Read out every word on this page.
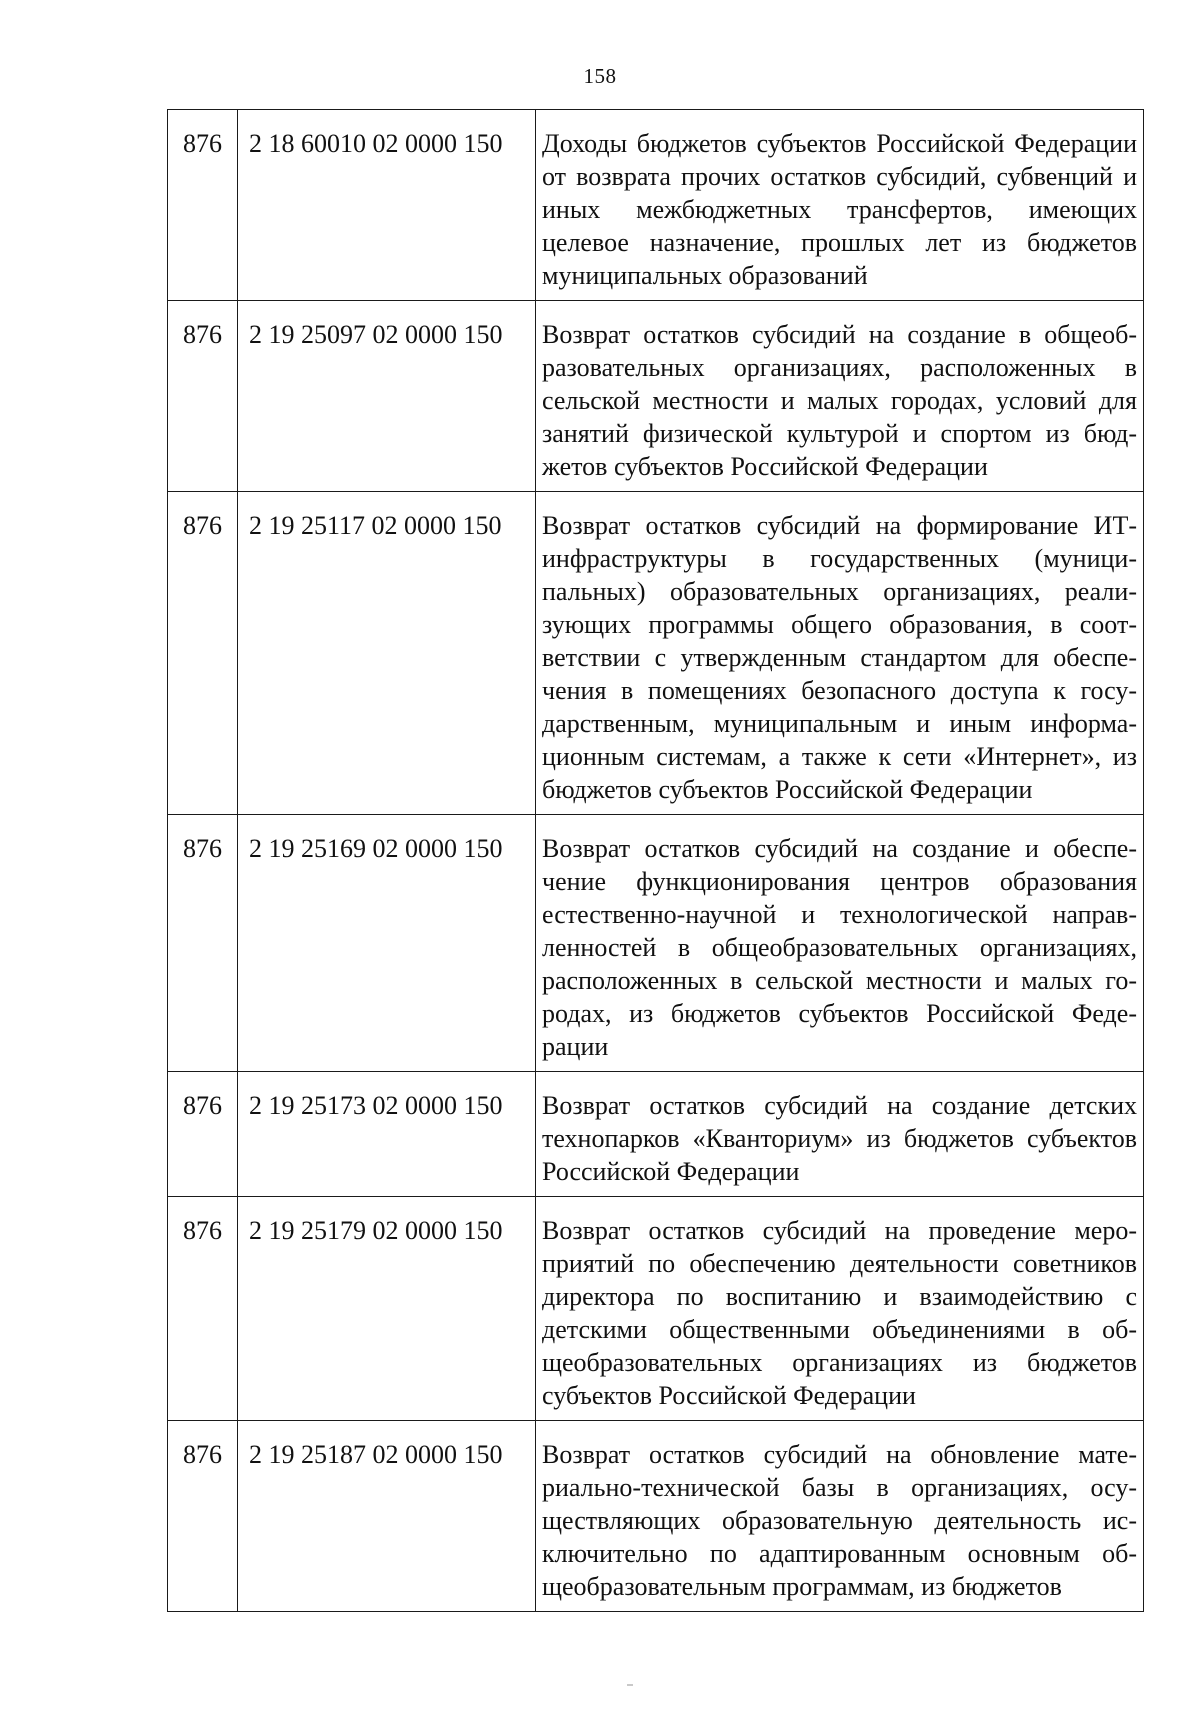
158
876	2 18 60010 02 0000 150	Доходы бюджетов субъектов Российской Федерации от возврата прочих остатков субсидий, субвенций и иных межбюджетных трансфертов, имеющих целевое назначение, прошлых лет из бюджетов муниципальных образований
876	2 19 25097 02 0000 150	Возврат остатков субсидий на создание в общеобразовательных организациях, расположенных в сельской местности и малых городах, условий для занятий физической культурой и спортом из бюджетов субъектов Российской Федерации
876	2 19 25117 02 0000 150	Возврат остатков субсидий на формирование ИТ-инфраструктуры в государственных (муниципальных) образовательных организациях, реализующих программы общего образования, в соответствии с утвержденным стандартом для обеспечения в помещениях безопасного доступа к государственным, муниципальным и иным информационным системам, а также к сети «Интернет», из бюджетов субъектов Российской Федерации
876	2 19 25169 02 0000 150	Возврат остатков субсидий на создание и обеспечение функционирования центров образования естественно-научной и технологической направленностей в общеобразовательных организациях, расположенных в сельской местности и малых городах, из бюджетов субъектов Российской Федерации
876	2 19 25173 02 0000 150	Возврат остатков субсидий на создание детских технопарков «Кванториум» из бюджетов субъектов Российской Федерации
876	2 19 25179 02 0000 150	Возврат остатков субсидий на проведение мероприятий по обеспечению деятельности советников директора по воспитанию и взаимодействию с детскими общественными объединениями в общеобразовательных организациях из бюджетов субъектов Российской Федерации
876	2 19 25187 02 0000 150	Возврат остатков субсидий на обновление материально-технической базы в организациях, осуществляющих образовательную деятельность исключительно по адаптированным основным общеобразовательным программам, из бюджетов
